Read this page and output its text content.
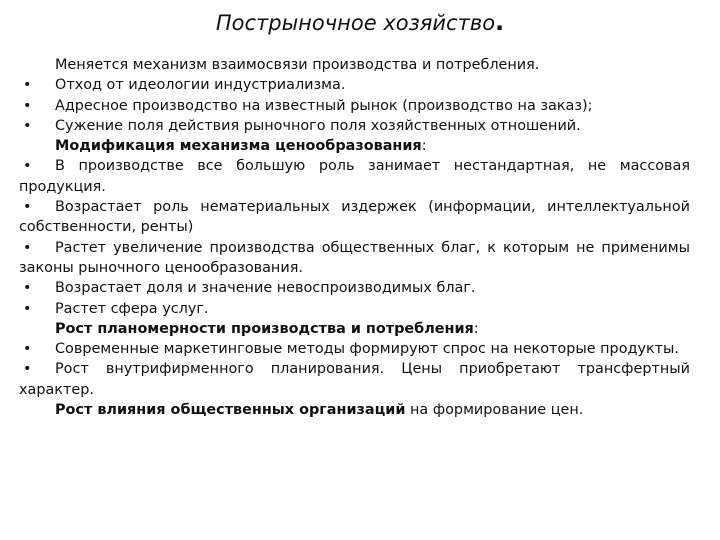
Пострыночное хозяйство.
Меняется механизм взаимосвязи производства и потребления.
• Отход от идеологии индустриализма.
• Адресное производство на известный рынок (производство на заказ);
• Сужение поля действия рыночного поля хозяйственных отношений.
Модификация механизма ценообразования:
• В производстве все большую роль занимает нестандартная, не массовая продукция.
• Возрастает роль нематериальных издержек (информации, интеллектуальной собственности, ренты)
• Растет увеличение производства общественных благ, к которым не применимы законы рыночного ценообразования.
• Возрастает доля и значение невоспроизводимых благ.
• Растет сфера услуг.
Рост планомерности производства и потребления:
• Современные маркетинговые методы формируют спрос на некоторые продукты.
• Рост внутрифирменного планирования. Цены приобретают трансфертный характер.
Рост влияния общественных организаций на формирование цен.
